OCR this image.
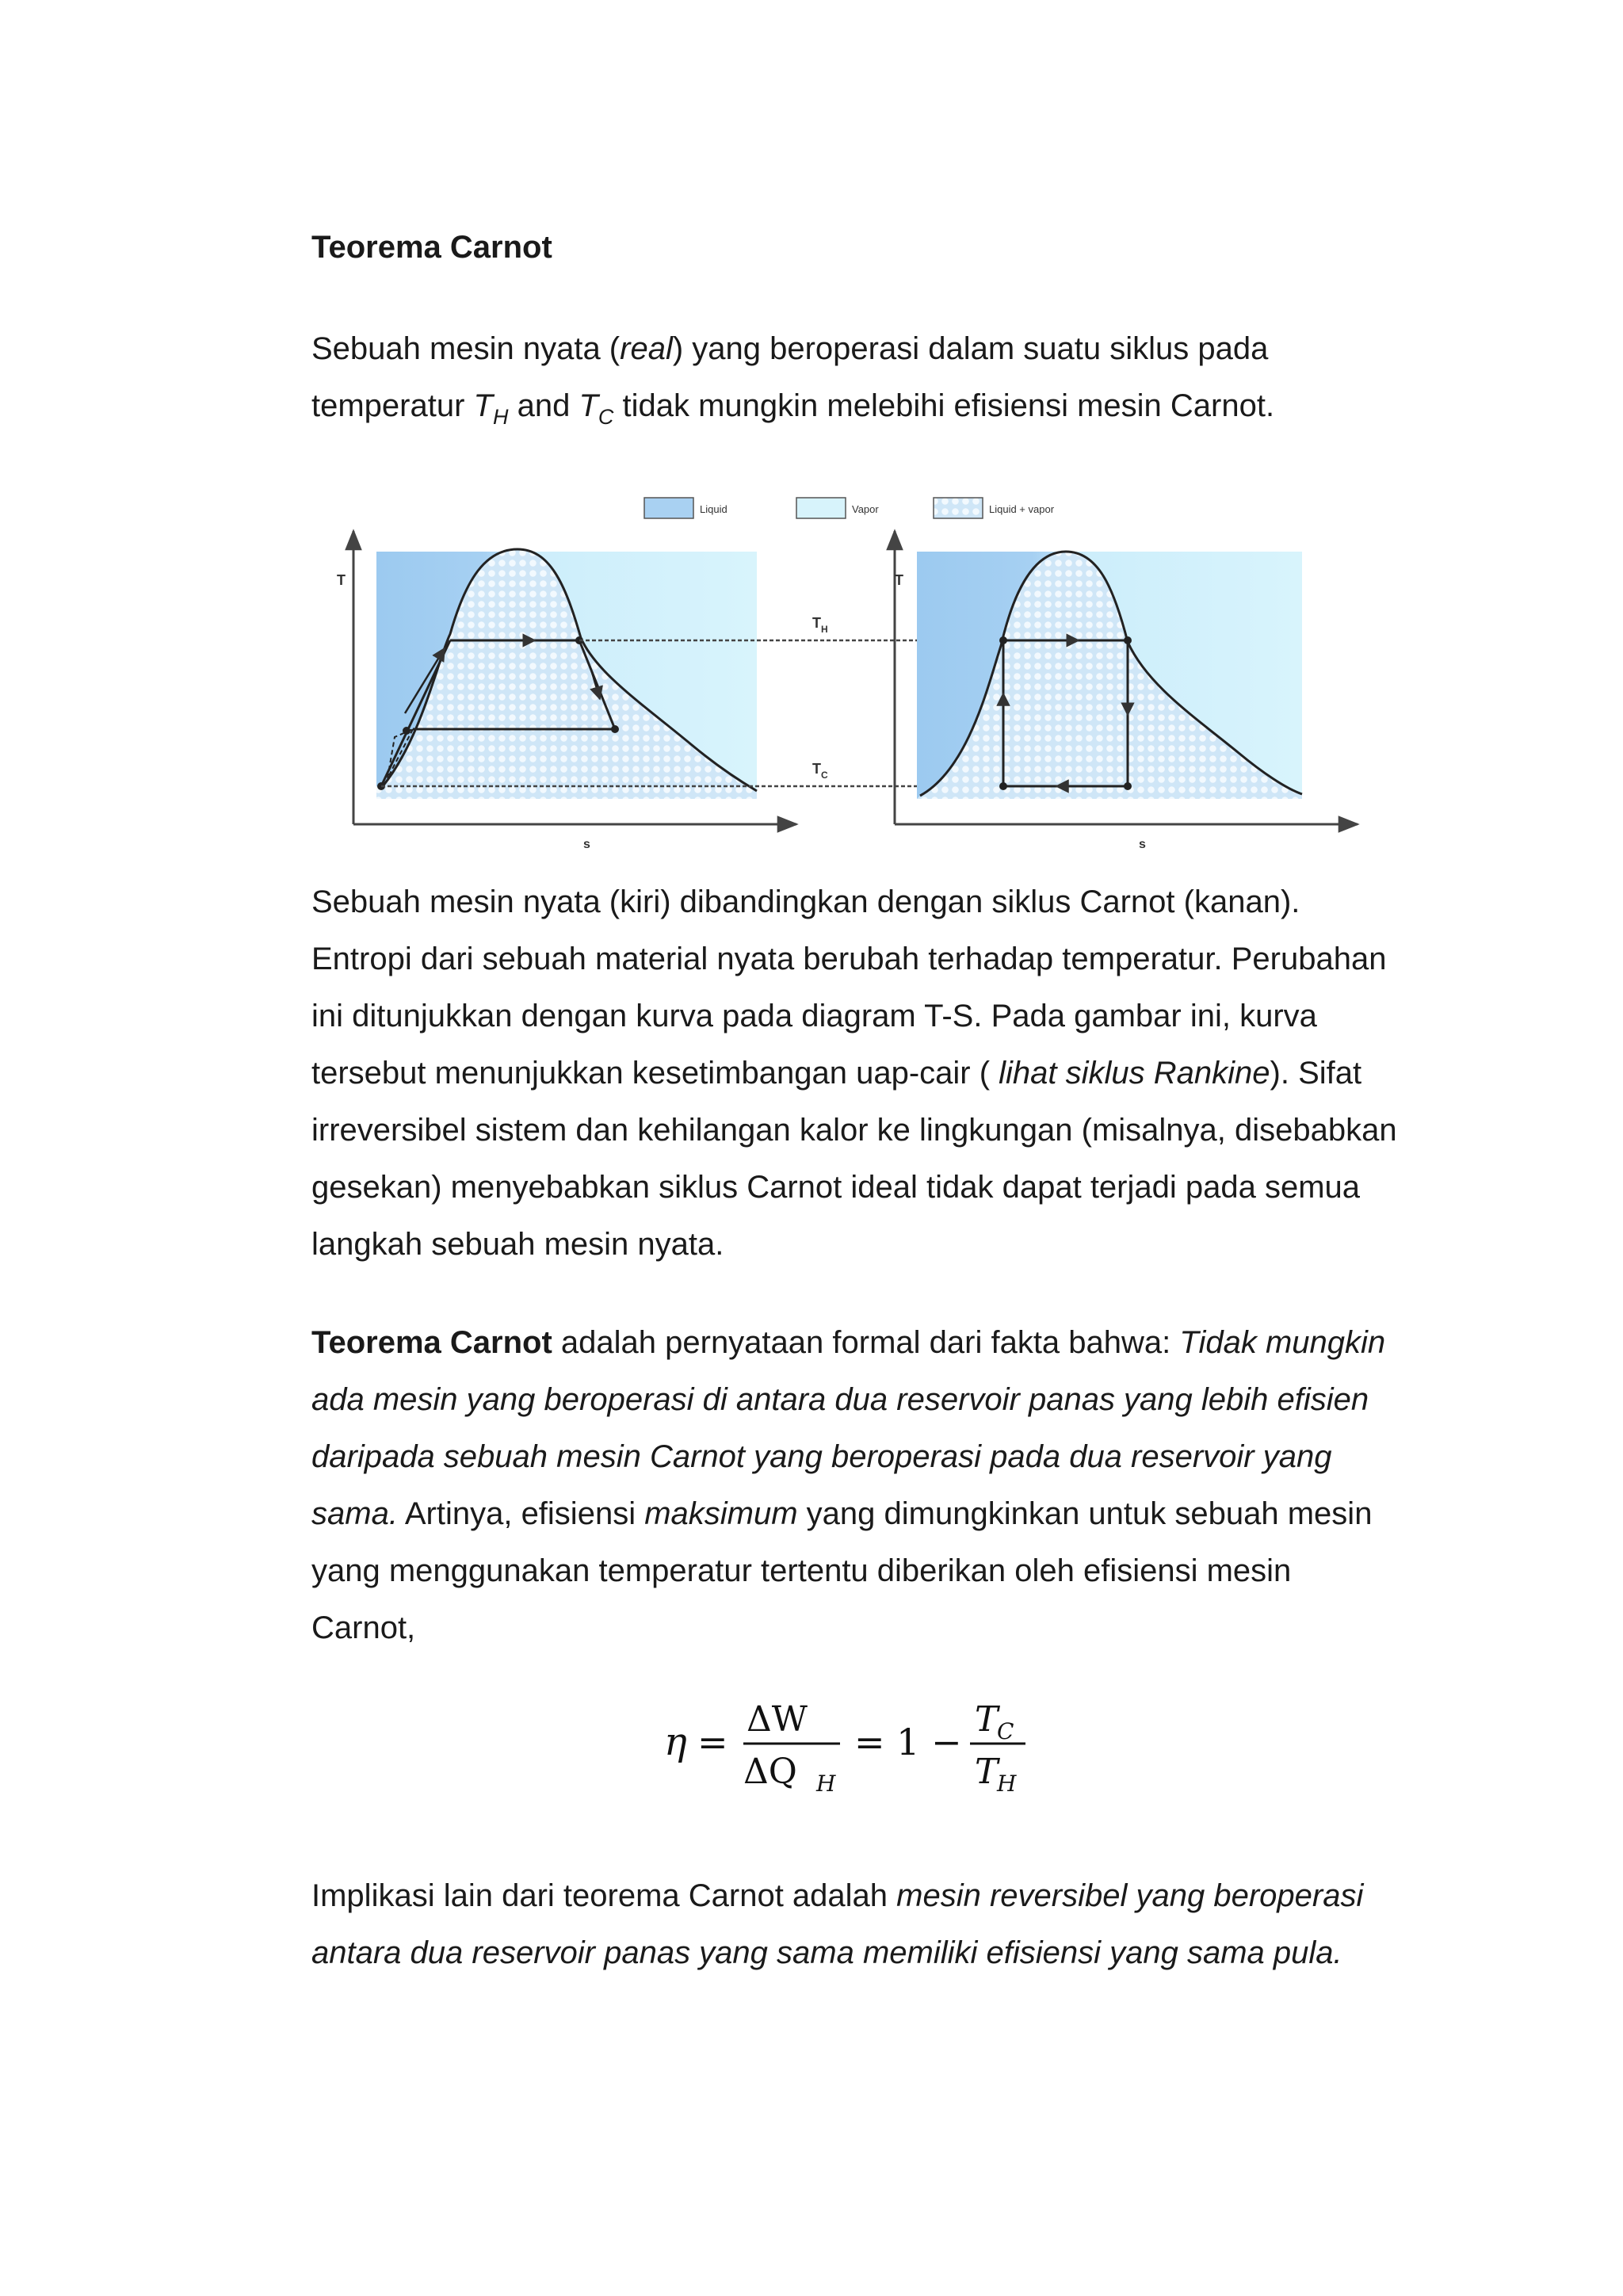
Teorema Carnot

Sebuah mesin nyata (real) yang beroperasi dalam suatu siklus pada temperatur $T_H$ and $T_C$ tidak mungkin melebihi efisiensi mesin Carnot.

Liquid	Vapor	Liquid + vapor
T
s
$T_H$
$T_C$
T
s

Sebuah mesin nyata (kiri) dibandingkan dengan siklus Carnot (kanan). Entropi dari sebuah material nyata berubah terhadap temperatur. Perubahan ini ditunjukkan dengan kurva pada diagram T-S. Pada gambar ini, kurva tersebut menunjukkan kesetimbangan uap-cair ( lihat siklus Rankine). Sifat irreversibel sistem dan kehilangan kalor ke lingkungan (misalnya, disebabkan gesekan) menyebabkan siklus Carnot ideal tidak dapat terjadi pada semua langkah sebuah mesin nyata.

Teorema Carnot adalah pernyataan formal dari fakta bahwa: Tidak mungkin ada mesin yang beroperasi di antara dua reservoir panas yang lebih efisien daripada sebuah mesin Carnot yang beroperasi pada dua reservoir yang sama. Artinya, efisiensi maksimum yang dimungkinkan untuk sebuah mesin yang menggunakan temperatur tertentu diberikan oleh efisiensi mesin Carnot,

η =
ΔW
ΔQ H
= 1 −
T
C
T
H

Implikasi lain dari teorema Carnot adalah mesin reversibel yang beroperasi antara dua reservoir panas yang sama memiliki efisiensi yang sama pula.
